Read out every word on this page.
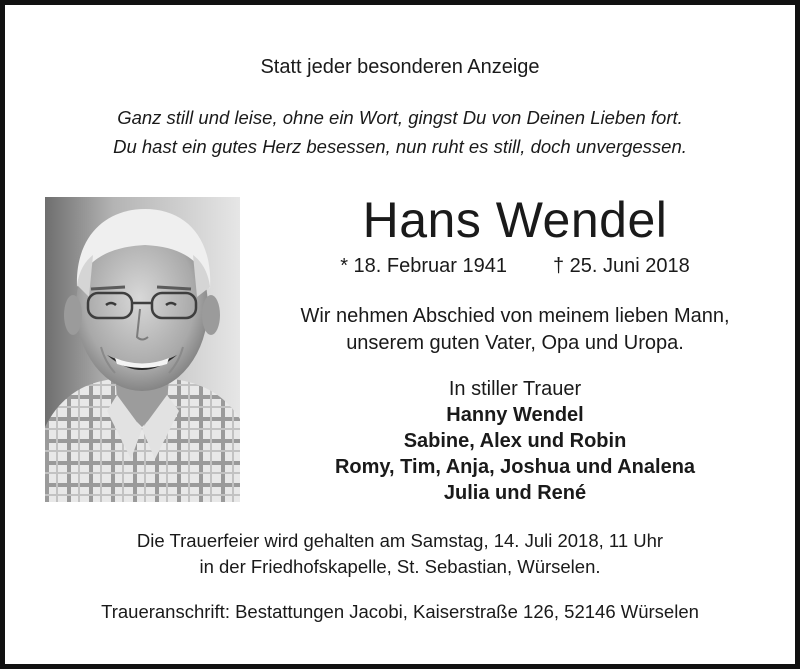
Statt jeder besonderen Anzeige
Ganz still und leise, ohne ein Wort, gingst Du von Deinen Lieben fort.
Du hast ein gutes Herz besessen, nun ruht es still, doch unvergessen.
Hans Wendel
* 18. Februar 1941 † 25. Juni 2018
Wir nehmen Abschied von meinem lieben Mann,
unserem guten Vater, Opa und Uropa.
In stiller Trauer
Hanny Wendel
Sabine, Alex und Robin
Romy, Tim, Anja, Joshua und Analena
Julia und René
Die Trauerfeier wird gehalten am Samstag, 14. Juli 2018, 11 Uhr
in der Friedhofskapelle, St. Sebastian, Würselen.
Traueranschrift: Bestattungen Jacobi, Kaiserstraße 126, 52146 Würselen
